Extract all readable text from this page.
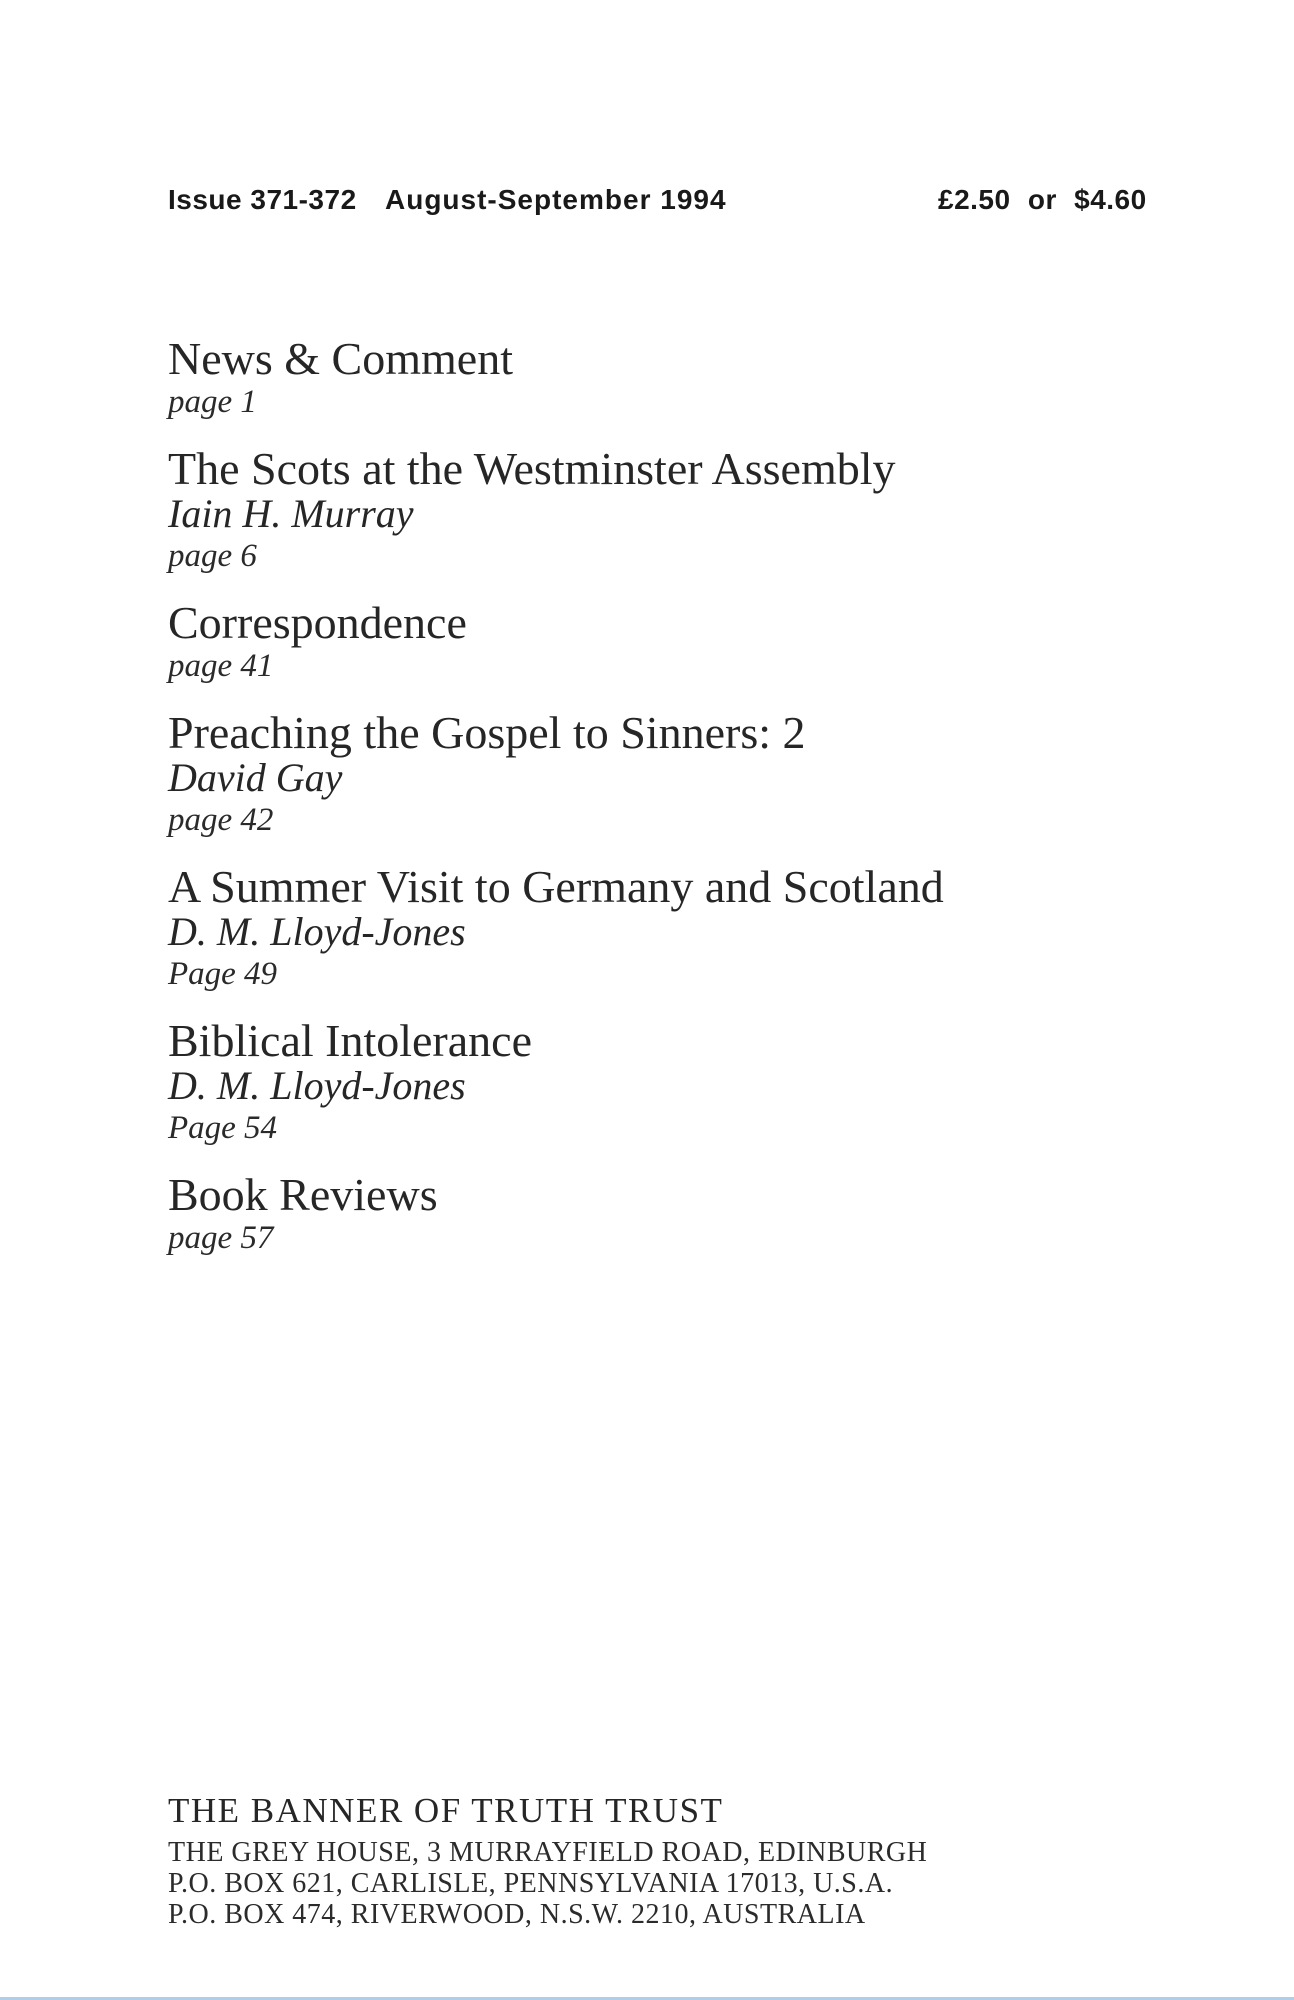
Issue 371-372 August-September 1994	£2.50 or $4.60
News & Comment
page 1
The Scots at the Westminster Assembly
Iain H. Murray
page 6
Correspondence
page 41
Preaching the Gospel to Sinners: 2
David Gay
page 42
A Summer Visit to Germany and Scotland
D. M. Lloyd-Jones
Page 49
Biblical Intolerance
D. M. Lloyd-Jones
Page 54
Book Reviews
page 57
THE BANNER OF TRUTH TRUST
THE GREY HOUSE, 3 MURRAYFIELD ROAD, EDINBURGH
P.O. BOX 621, CARLISLE, PENNSYLVANIA 17013, U.S.A.
P.O. BOX 474, RIVERWOOD, N.S.W. 2210, AUSTRALIA
